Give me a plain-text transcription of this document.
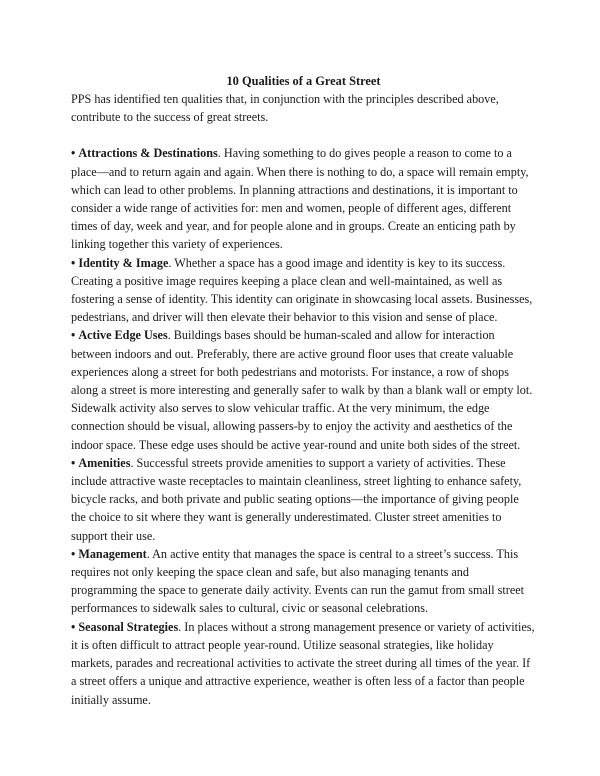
10 Qualities of a Great Street

PPS has identified ten qualities that, in conjunction with the principles described above, contribute to the success of great streets.

• Attractions & Destinations. Having something to do gives people a reason to come to a place—and to return again and again. When there is nothing to do, a space will remain empty, which can lead to other problems. In planning attractions and destinations, it is important to consider a wide range of activities for: men and women, people of different ages, different times of day, week and year, and for people alone and in groups. Create an enticing path by linking together this variety of experiences.

• Identity & Image. Whether a space has a good image and identity is key to its success. Creating a positive image requires keeping a place clean and well-maintained, as well as fostering a sense of identity. This identity can originate in showcasing local assets. Businesses, pedestrians, and driver will then elevate their behavior to this vision and sense of place.

• Active Edge Uses. Buildings bases should be human-scaled and allow for interaction between indoors and out. Preferably, there are active ground floor uses that create valuable experiences along a street for both pedestrians and motorists. For instance, a row of shops along a street is more interesting and generally safer to walk by than a blank wall or empty lot. Sidewalk activity also serves to slow vehicular traffic. At the very minimum, the edge connection should be visual, allowing passers-by to enjoy the activity and aesthetics of the indoor space. These edge uses should be active year-round and unite both sides of the street.

• Amenities. Successful streets provide amenities to support a variety of activities. These include attractive waste receptacles to maintain cleanliness, street lighting to enhance safety, bicycle racks, and both private and public seating options—the importance of giving people the choice to sit where they want is generally underestimated. Cluster street amenities to support their use.

• Management. An active entity that manages the space is central to a street’s success. This requires not only keeping the space clean and safe, but also managing tenants and programming the space to generate daily activity. Events can run the gamut from small street performances to sidewalk sales to cultural, civic or seasonal celebrations.

• Seasonal Strategies. In places without a strong management presence or variety of activities, it is often difficult to attract people year-round. Utilize seasonal strategies, like holiday markets, parades and recreational activities to activate the street during all times of the year. If a street offers a unique and attractive experience, weather is often less of a factor than people initially assume.
